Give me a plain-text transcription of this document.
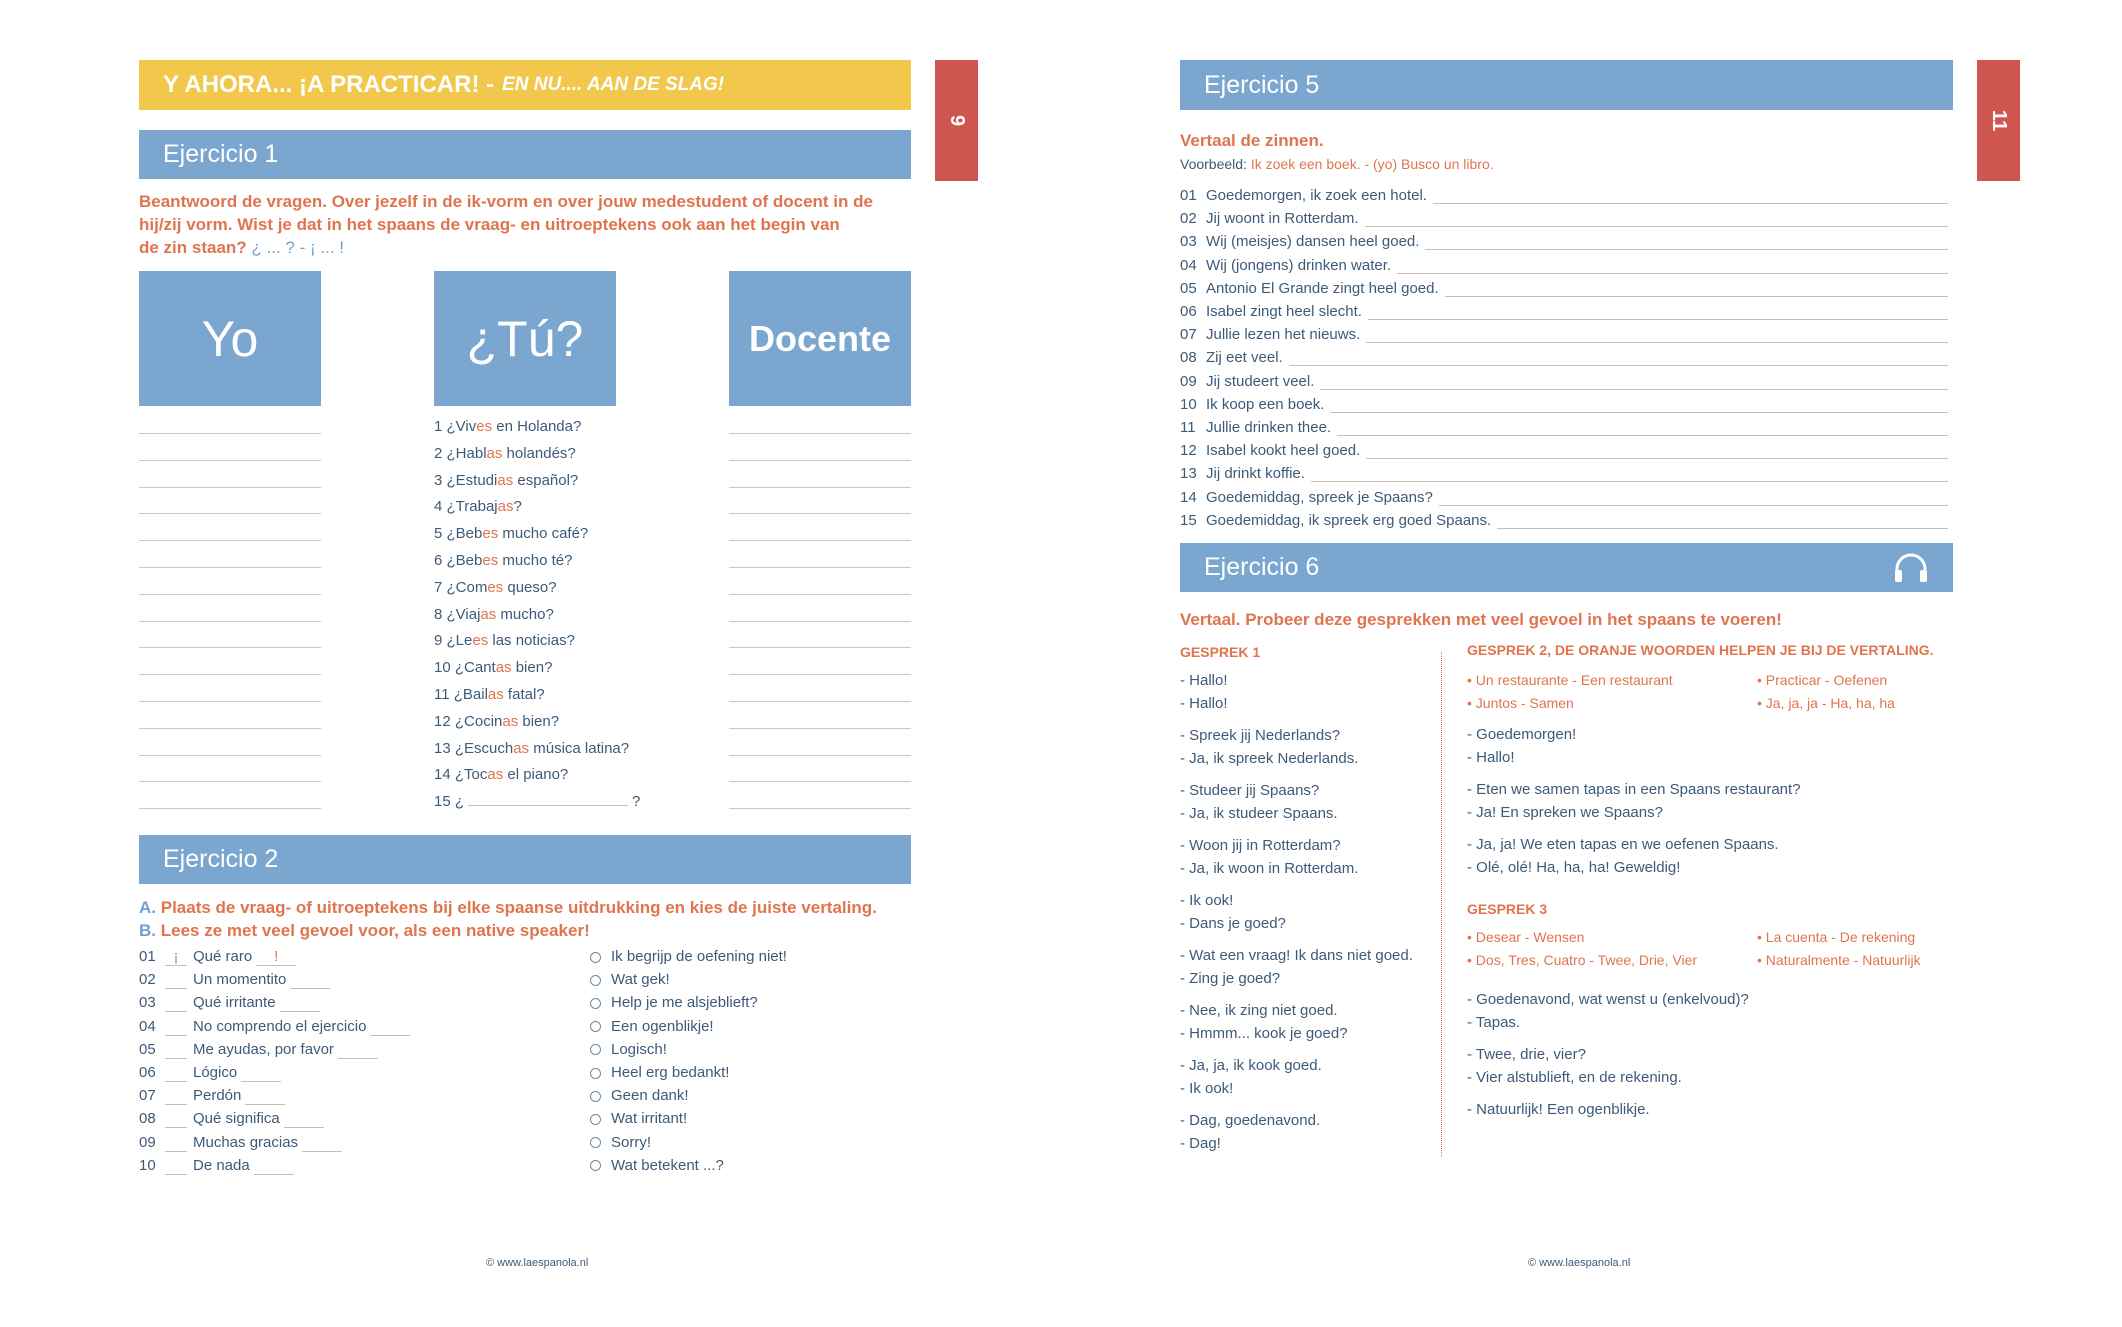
Y AHORA... ¡A PRACTICAR! - EN NU.... AAN DE SLAG!
9
Ejercicio 1
Beantwoord de vragen. Over jezelf in de ik-vorm en over jouw medestudent of docent in de
hij/zij vorm. Wist je dat in het spaans de vraag- en uitroeptekens ook aan het begin van
de zin staan? ¿ ... ? - ¡ ... !
Yo	¿Tú?	Docente
1 ¿Vives en Holanda?
2 ¿Hablas holandés?
3 ¿Estudias español?
4 ¿Trabajas?
5 ¿Bebes mucho café?
6 ¿Bebes mucho té?
7 ¿Comes queso?
8 ¿Viajas mucho?
9 ¿Lees las noticias?
10 ¿Cantas bien?
11 ¿Bailas fatal?
12 ¿Cocinas bien?
13 ¿Escuchas música latina?
14 ¿Tocas el piano?
15 ¿	?
Ejercicio 2
A. Plaats de vraag- of uitroeptekens bij elke spaanse uitdrukking en kies de juiste vertaling.
B. Lees ze met veel gevoel voor, als een native speaker!
01 ¡ Qué raro !
02 Un momentito
03 Qué irritante
04 No comprendo el ejercicio
05 Me ayudas, por favor
06 Lógico
07 Perdón
08 Qué significa
09 Muchas gracias
10 De nada
Ik begrijp de oefening niet!
Wat gek!
Help je me alsjeblieft?
Een ogenblikje!
Logisch!
Heel erg bedankt!
Geen dank!
Wat irritant!
Sorry!
Wat betekent ...?
© www.laespanola.nl
Ejercicio 5
11
Vertaal de zinnen.
Voorbeeld: Ik zoek een boek. - (yo) Busco un libro.
01 Goedemorgen, ik zoek een hotel.
02 Jij woont in Rotterdam.
03 Wij (meisjes) dansen heel goed.
04 Wij (jongens) drinken water.
05 Antonio El Grande zingt heel goed.
06 Isabel zingt heel slecht.
07 Jullie lezen het nieuws.
08 Zij eet veel.
09 Jij studeert veel.
10 Ik koop een boek.
11 Jullie drinken thee.
12 Isabel kookt heel goed.
13 Jij drinkt koffie.
14 Goedemiddag, spreek je Spaans?
15 Goedemiddag, ik spreek erg goed Spaans.
Ejercicio 6
Vertaal. Probeer deze gesprekken met veel gevoel in het spaans te voeren!
GESPREK 1
- Hallo!
- Hallo!
- Spreek jij Nederlands?
- Ja, ik spreek Nederlands.
- Studeer jij Spaans?
- Ja, ik studeer Spaans.
- Woon jij in Rotterdam?
- Ja, ik woon in Rotterdam.
- Ik ook!
- Dans je goed?
- Wat een vraag! Ik dans niet goed.
- Zing je goed?
- Nee, ik zing niet goed.
- Hmmm... kook je goed?
- Ja, ja, ik kook goed.
- Ik ook!
- Dag, goedenavond.
- Dag!
GESPREK 2, DE ORANJE WOORDEN HELPEN JE BIJ DE VERTALING.
• Un restaurante - Een restaurant
• Juntos - Samen
• Practicar - Oefenen
• Ja, ja, ja - Ha, ha, ha
- Goedemorgen!
- Hallo!
- Eten we samen tapas in een Spaans restaurant?
- Ja! En spreken we Spaans?
- Ja, ja! We eten tapas en we oefenen Spaans.
- Olé, olé! Ha, ha, ha! Geweldig!
GESPREK 3
• Desear - Wensen
• Dos, Tres, Cuatro - Twee, Drie, Vier
• La cuenta - De rekening
• Naturalmente - Natuurlijk
- Goedenavond, wat wenst u (enkelvoud)?
- Tapas.
- Twee, drie, vier?
- Vier alstublieft, en de rekening.
- Natuurlijk! Een ogenblikje.
© www.laespanola.nl
